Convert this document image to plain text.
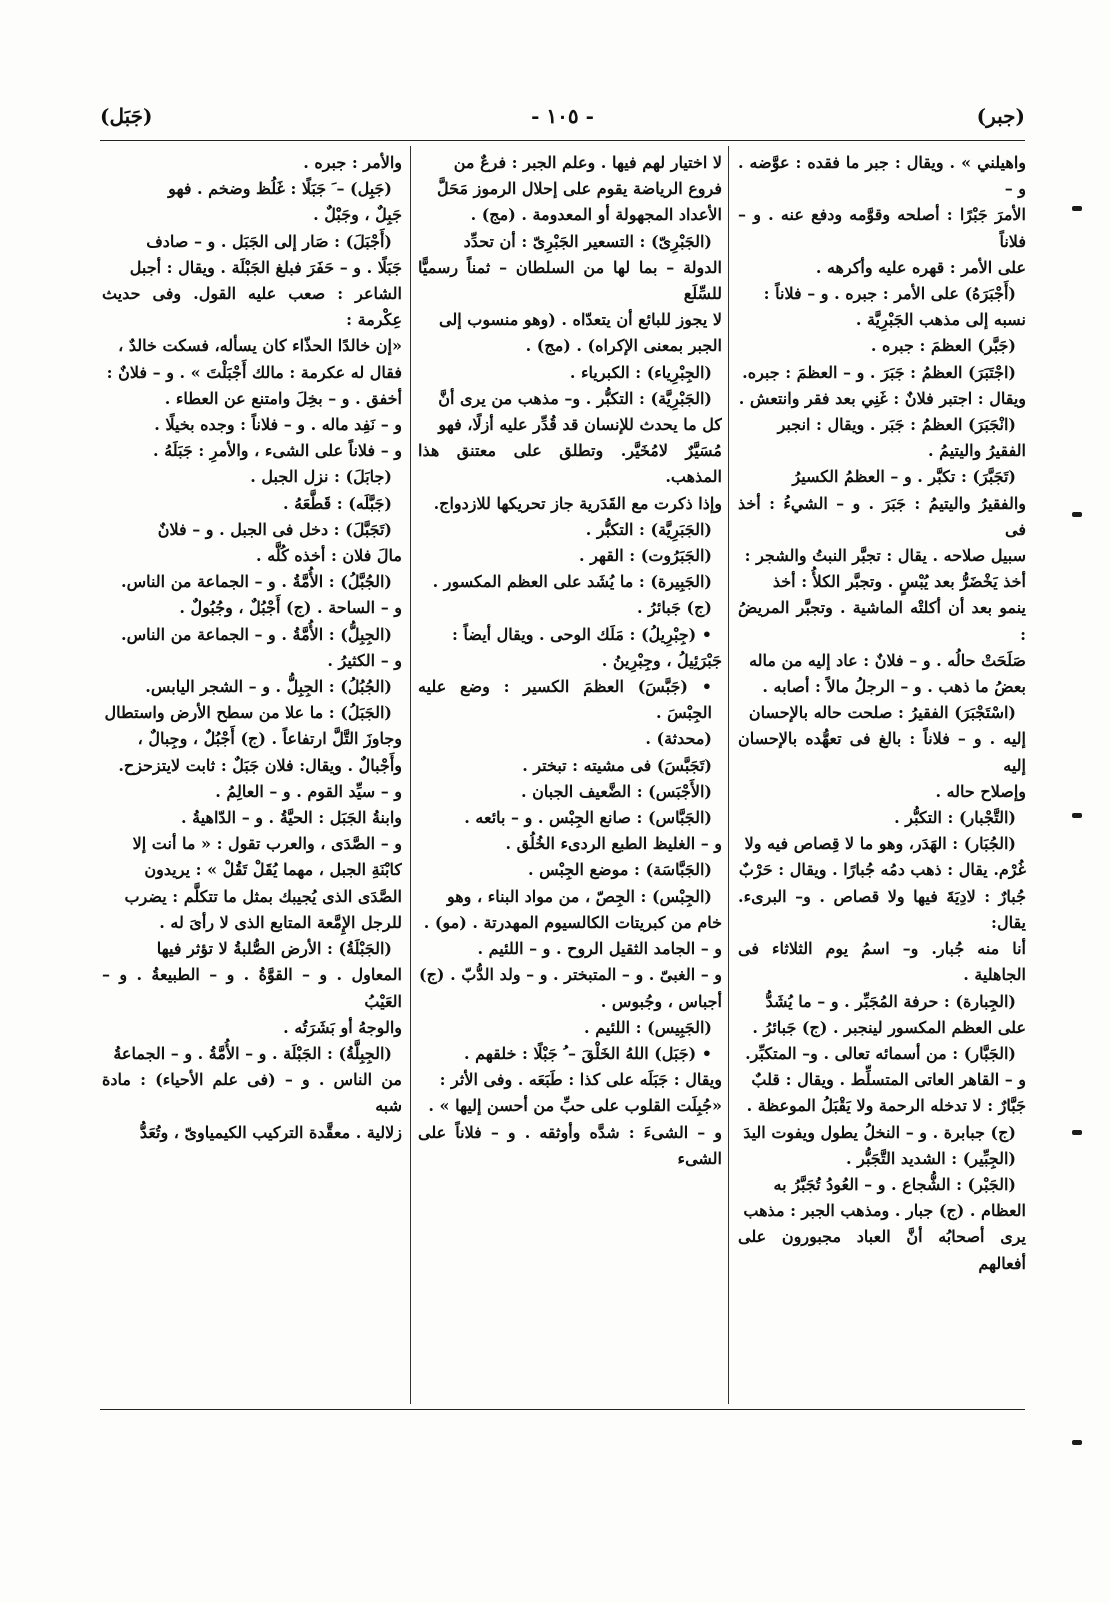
(جبر)
- ١٠٥ -
(جَبَل)

واهيلني » . ويقال : جبر ما فقده : عوَّضه . و –

الأمرَ جَبْرًا : أصلحه وقوَّمه ودفع عنه . و – فلاناً

على الأمر : قهره عليه وأكرهه .

(أَجْبَرَهُ) على الأمر : جبره . و – فلاناً :

نسبه إلى مذهب الجَبْرِيَّة .

(جَبَّر) العظمَ : جبره .

(اجْتَبَرَ) العظمُ : جَبَرَ . و – العظمَ : جبره.

ويقال : اجتبر فلانٌ : غَنِي بعد فقر وانتعش .

(انْجَبَرَ) العظمُ : جَبَر . ويقال : انجبر

الفقيرُ واليتيمُ .

(تَجَبَّرَ) : تكبَّر . و – العظمُ الكسيرُ

والفقيرُ واليتيمُ : جَبَرَ . و – الشيءُ : أخذ فى

سبيل صلاحه . يقال : تجبَّر النبتُ والشجر :

أخذ يَخْضَرُّ بعد يُبْسٍ . وتجبَّر الكلأُ : أخذ

ينمو بعد أن أكلتْه الماشية . وتجبَّر المريضُ :

صَلَحَتْ حالُه . و – فلانٌ : عاد إليه من ماله

بعضُ ما ذهب . و – الرجلُ مالاً : أصابه .

(اسْتَجْبَرَ) الفقيرُ : صلحت حاله بالإحسان

إليه . و – فلاناً : بالغ فى تعهُّده بالإحسان إليه

وإصلاح حاله .

(التَّجْبار) : التكبُّر .

(الجُبَار) : الهَدَر، وهو ما لا قِصاص فيه ولا

غُرْم. يقال : ذهب دمُه جُبارًا . ويقال : حَرْبٌ

جُبارٌ : لادِيَةَ فيها ولا قصاص . و– البرىء. يقال:

أنا منه جُبار. و– اسمُ يوم الثلاثاء فى الجاهلية .

(الجِبارة) : حرفة المُجَبِّر . و – ما يُشَدُّ

على العظم المكسور لينجبر . (ج) جَبائرُ .

(الجَبَّار) : من أسمائه تعالى . و– المتكبِّر.

و – القاهر العاتى المتسلِّط . ويقال : قلبٌ

جَبَّارٌ : لا تدخله الرحمة ولا يَقْبَلُ الموعظة .

(ج) جبابرة . و – النخلُ يطول ويفوت اليدَ

(الجِبِّير) : الشديد التَّجَبُّر .

(الجَبْر) : الشُّجاع . و – العُودُ تُجَبَّرُ به

العظام . (ج) جبار . ومذهب الجبر : مذهب

يرى أصحابُه أنَّ العباد مجبورون على أفعالهم

لا اختيار لهم فيها . وعلم الجبر : فرعٌ من

فروع الرياضة يقوم على إحلال الرموز مَحَلَّ

الأعداد المجهولة أو المعدومة . (مج) .

(الجَبْرِىّ) : التسعير الجَبْرِىّ : أن تحدِّد

الدولة – بما لها من السلطان – ثمناً رسميًّا للسِّلَع

لا يجوز للبائع أن يتعدّاه . (وهو منسوب إلى

الجبر بمعنى الإكراه) . (مج) .

(الجِبْرِياء) : الكبرياء .

(الجَبْرِيَّة) : التكبُّر . و– مذهب من يرى أنَّ

كل ما يحدث للإنسان قد قُدِّر عليه أزلًا، فهو

مُسَيَّرٌ لامُخَيَّر. وتطلق على معتنق هذا المذهب.

وإذا ذكرت مع القَدَرية جاز تحريكها للازدواج.

(الجَبَرِيَّة) : التكبُّر .

(الجَبَرُوت) : القهر .

(الجَبِيرة) : ما يُشَد على العظم المكسور .

(ج) جَبائرُ .

• (جِبْرِيلُ) : مَلَك الوحى . ويقال أيضاً :

جَبْرَئِيلُ ، وجِبْرِينُ .

• (جَبَّسَ) العظمَ الكسير : وضع عليه الجِبْسَ .

(محدثة) .

(تَجَبَّسَ) فى مشيته : تبختر .

(الأَجْبَس) : الضَّعيف الجبان .

(الجَبَّاس) : صانع الجِبْس . و – بائعه .

و – الغليظ الطبع الردىء الخُلُق .

(الجَبَّاسَة) : موضع الجِبْس .

(الجِبْس) : الجِصّ ، من مواد البناء ، وهو

خام من كبريتات الكالسيوم المهدرتة . (مو) .

و – الجامد الثقيل الروح . و – اللئيم .

و – الغبىّ . و – المتبختر . و – ولد الدُّبّ . (ج)

أجباس ، وجُبوس .

(الجَبِيس) : اللئيم .

• (جَبَل) اللهُ الخَلْقَ – ُ جَبْلًا : خلقهم .

ويقال : جَبَلَه على كذا : طَبَعَه . وفى الأثر :

«جُبِلَت القلوب على حبِّ من أحسن إليها » .

و – الشىءَ : شدَّه وأوثقه . و – فلاناً على الشىء

والأمر : جبره .

(جَبِل) – َ جَبَلًا : غَلُظ وضخم . فهو

جَبِلٌ ، وجَبْلٌ .

(أَجْبَلَ) : صَار إلى الجَبَل . و – صادف

جَبَلًا . و – حَفَرَ فبلغ الجَبْلَة . ويقال : أجبل

الشاعر : صعب عليه القول. وفى حديث عِكْرمة :

«إن خالدًا الحذّاء كان يسأله، فسكت خالدٌ ،

فقال له عكرمة : مالك أَجْبَلْتَ » . و – فلانٌ :

أخفق . و – بخِلَ وامتنع عن العطاء .

و – نَفِد ماله . و – فلاناً : وجده بخيلًا .

و – فلاناً على الشىء ، والأمرِ : جَبَلَهُ .

(جابَلَ) : نزل الجبل .

(جَبَّلَه) : قَطَّعَهُ .

(تَجَبَّلَ) : دخل فى الجبل . و – فلانٌ

مالَ فلان : أخذه كُلَّه .

(الجُبَّلُ) : الأُمَّةُ . و – الجماعة من الناس.

و – الساحة . (ج) أَجْبُلٌ ، وجُبُولٌ .

(الجِبِلُّ) : الأُمَّةُ . و – الجماعة من الناس.

و – الكثيرُ .

(الجُبُلُ) : الجِبِلُّ . و – الشجر اليابس.

(الجَبَلُ) : ما علا من سطح الأرض واستطال

وجاوزَ التَّلَّ ارتفاعاً . (ج) أَجْبُلٌ ، وجِبالٌ ،

وأَجْبالٌ . ويقال: فلان جَبَلٌ : ثابت لايتزحزح.

و – سيِّد القوم . و – العالِمُ .

وابنةُ الجَبَل : الحيَّةُ . و – الدّاهيةُ .

و – الصَّدَى ، والعرب تقول : « ما أنت إلا

كابْنَةِ الجبل ، مهما يُقَلْ تَقُلْ » : يريدون

الصَّدَى الذى يُجيبك بمثل ما تتكلَّم : يضرب

للرجل الإِمَّعة المتابع الذى لا رأىَ له .

(الجَبْلَةُ) : الأرض الصُّلبةُ لا تؤثر فيها

المعاول . و – القوَّةُ . و – الطبيعةُ . و – العَيْبُ

والوجهُ أو بَشَرَتُه .

(الجِبِلَّةُ) : الجَبْلَة . و – الأُمَّةُ . و – الجماعةُ

من الناس . و – (فى علم الأحياء) : مادة شبه

زلالية . معقَّدة التركيب الكيمياوىّ ، وتُعَدُّ
